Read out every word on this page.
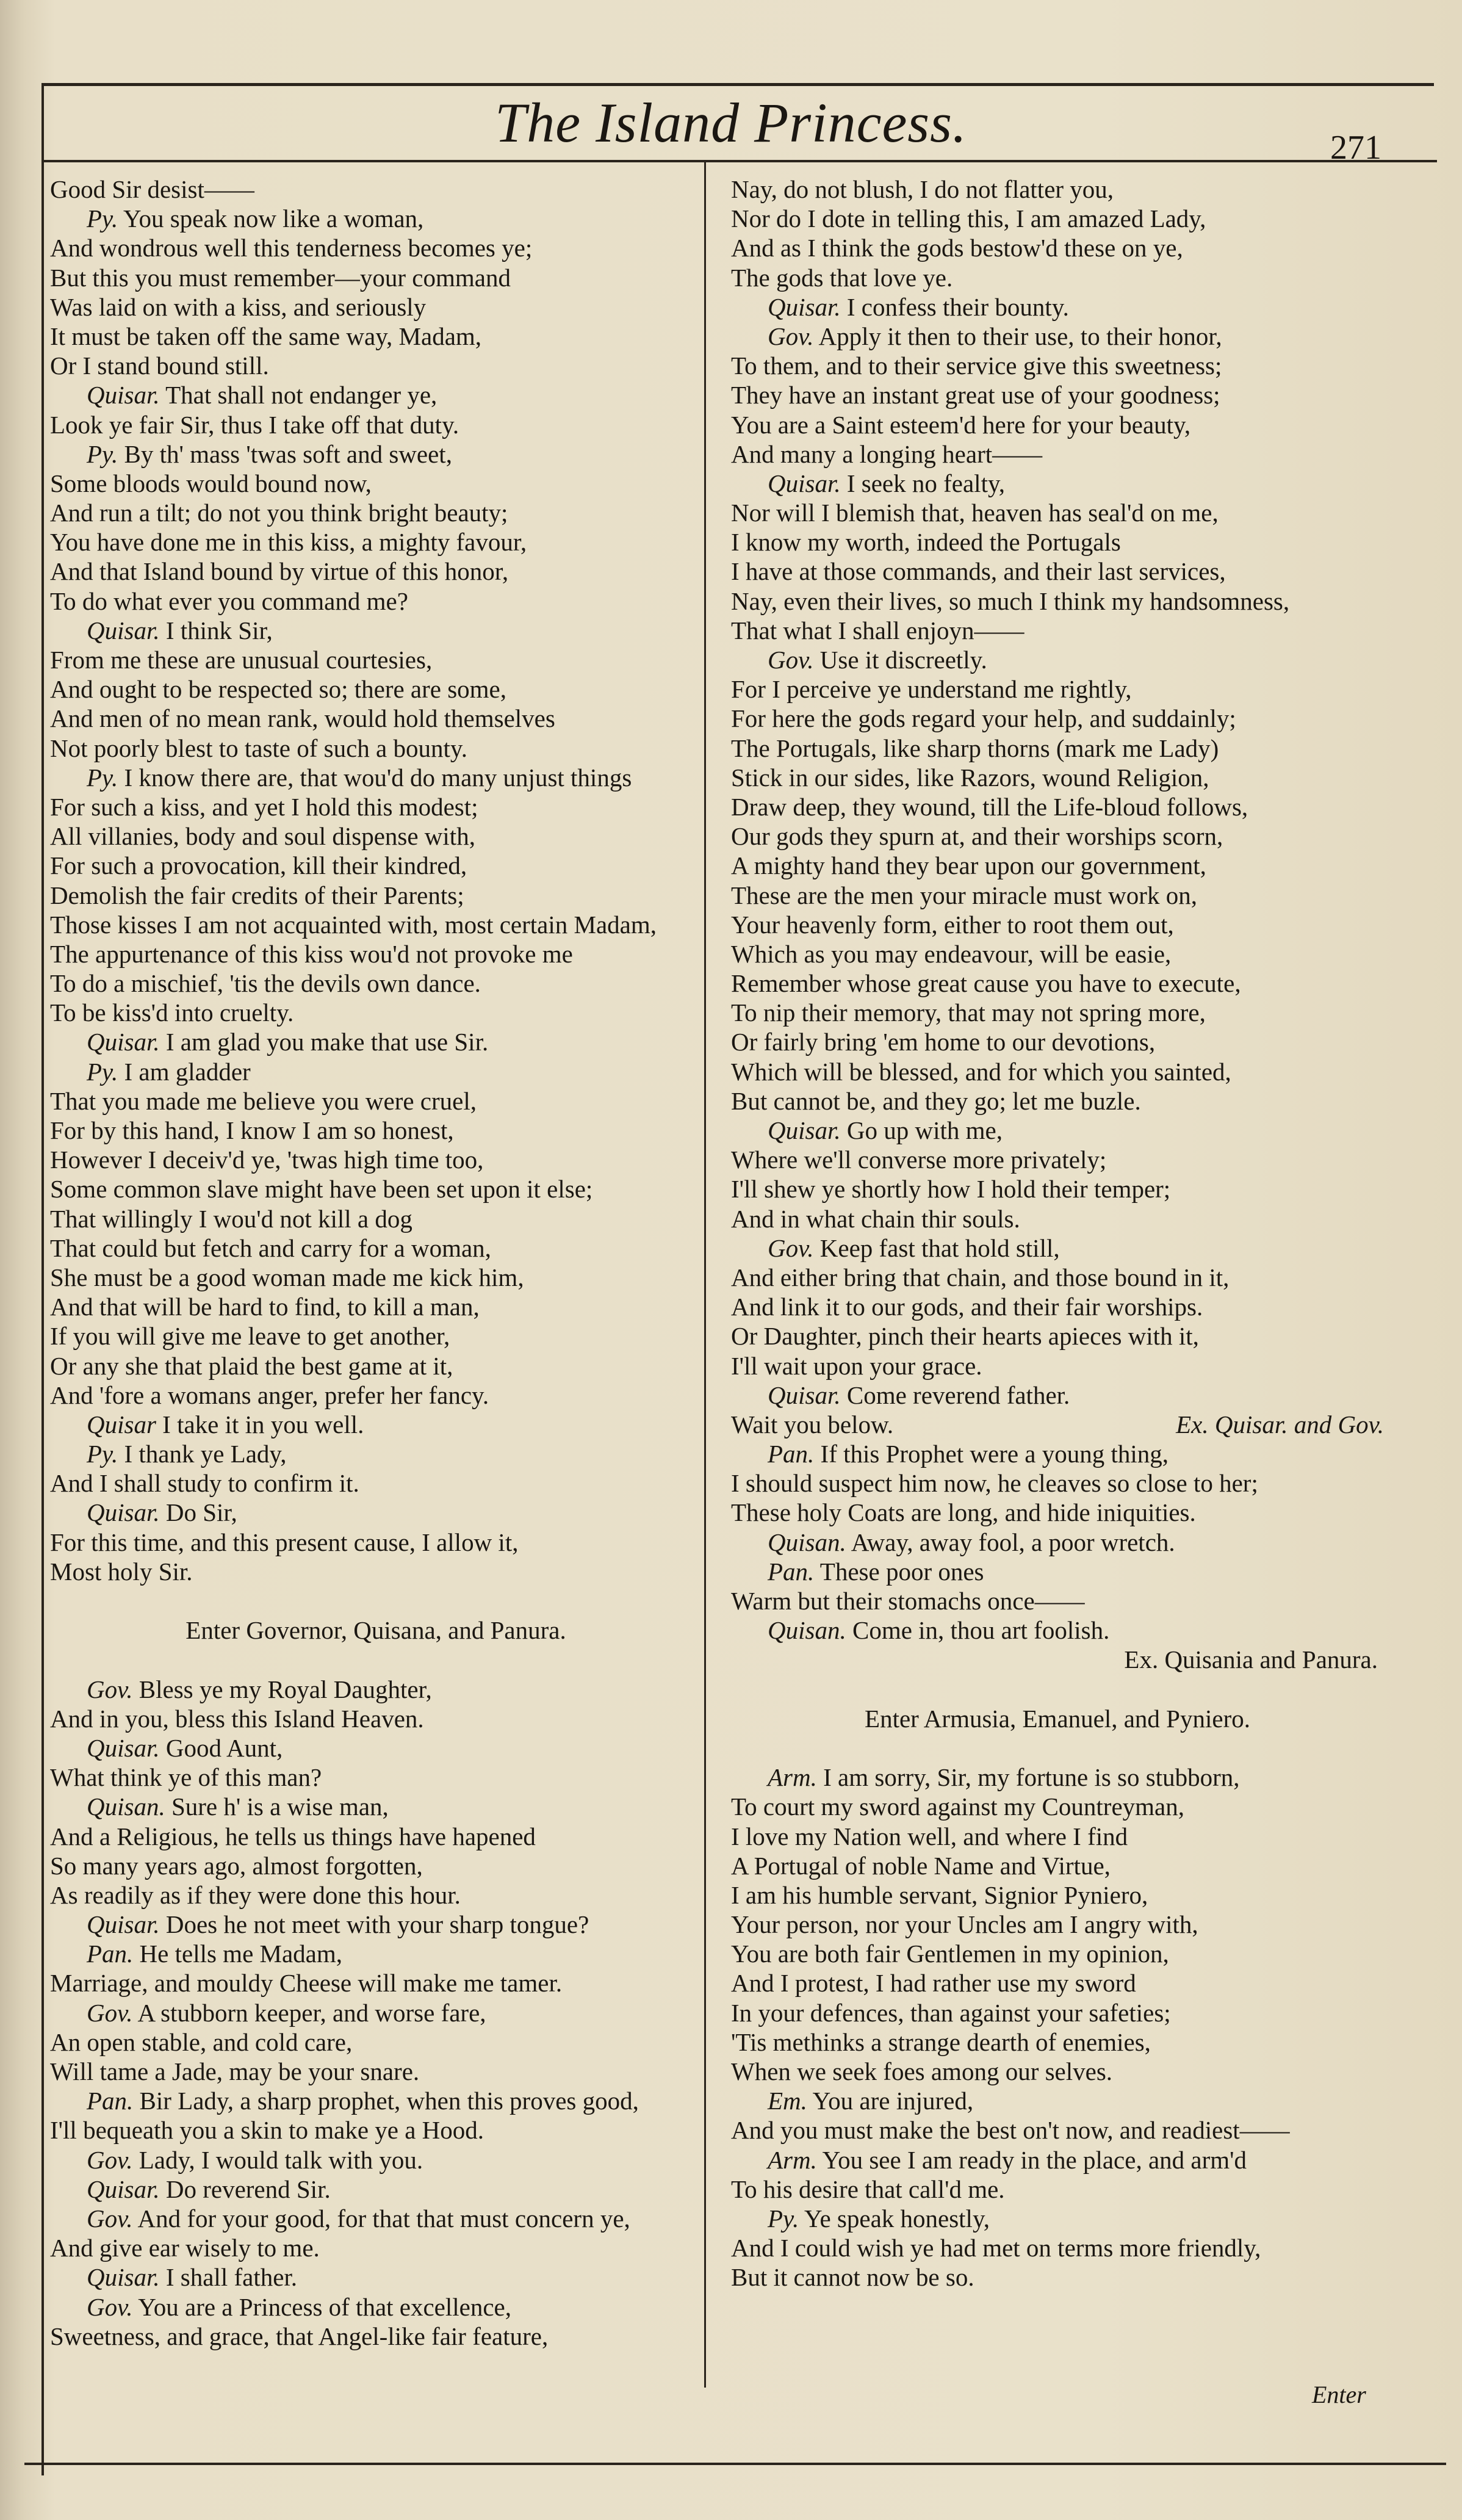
The Island Princess.	271
Good Sir desist——
Py. You speak now like a woman,
And wondrous well this tenderness becomes ye;
But this you must remember—your command
Was laid on with a kiss, and seriously
It must be taken off the same way, Madam,
Or I stand bound still.
Quisar. That shall not endanger ye,
Look ye fair Sir, thus I take off that duty.
Py. By th' mass 'twas soft and sweet,
Some bloods would bound now,
And run a tilt; do not you think bright beauty;
You have done me in this kiss, a mighty favour,
And that Island bound by virtue of this honor,
To do what ever you command me?
Quisar. I think Sir,
From me these are unusual courtesies,
And ought to be respected so; there are some,
And men of no mean rank, would hold themselves
Not poorly blest to taste of such a bounty.
Py. I know there are, that wou'd do many unjust things
For such a kiss, and yet I hold this modest;
All villanies, body and soul dispense with,
For such a provocation, kill their kindred,
Demolish the fair credits of their Parents;
Those kisses I am not acquainted with, most certain Madam,
The appurtenance of this kiss wou'd not provoke me
To do a mischief, 'tis the devils own dance.
To be kiss'd into cruelty.
Quisar. I am glad you make that use Sir.
Py. I am gladder
That you made me believe you were cruel,
For by this hand, I know I am so honest,
However I deceiv'd ye, 'twas high time too,
Some common slave might have been set upon it else;
That willingly I wou'd not kill a dog
That could but fetch and carry for a woman,
She must be a good woman made me kick him,
And that will be hard to find, to kill a man,
If you will give me leave to get another,
Or any she that plaid the best game at it,
And 'fore a womans anger, prefer her fancy.
Quisar I take it in you well.
Py. I thank ye Lady,
And I shall study to confirm it.
Quisar. Do Sir,
For this time, and this present cause, I allow it,
Most holy Sir.
Enter Governor, Quisana, and Panura.
Gov. Bless ye my Royal Daughter,
And in you, bless this Island Heaven.
Quisar. Good Aunt,
What think ye of this man?
Quisan. Sure h' is a wise man,
And a Religious, he tells us things have hapened
So many years ago, almost forgotten,
As readily as if they were done this hour.
Quisar. Does he not meet with your sharp tongue?
Pan. He tells me Madam,
Marriage, and mouldy Cheese will make me tamer.
Gov. A stubborn keeper, and worse fare,
An open stable, and cold care,
Will tame a Jade, may be your snare.
Pan. Bir Lady, a sharp prophet, when this proves good,
I'll bequeath you a skin to make ye a Hood.
Gov. Lady, I would talk with you.
Quisar. Do reverend Sir.
Gov. And for your good, for that that must concern ye,
And give ear wisely to me.
Quisar. I shall father.
Gov. You are a Princess of that excellence,
Sweetness, and grace, that Angel-like fair feature,
Nay, do not blush, I do not flatter you,
Nor do I dote in telling this, I am amazed Lady,
And as I think the gods bestow'd these on ye,
The gods that love ye.
Quisar. I confess their bounty.
Gov. Apply it then to their use, to their honor,
To them, and to their service give this sweetness;
They have an instant great use of your goodness;
You are a Saint esteem'd here for your beauty,
And many a longing heart——
Quisar. I seek no fealty,
Nor will I blemish that, heaven has seal'd on me,
I know my worth, indeed the Portugals
I have at those commands, and their last services,
Nay, even their lives, so much I think my handsomness,
That what I shall enjoyn——
Gov. Use it discreetly.
For I perceive ye understand me rightly,
For here the gods regard your help, and suddainly;
The Portugals, like sharp thorns (mark me Lady)
Stick in our sides, like Razors, wound Religion,
Draw deep, they wound, till the Life-bloud follows,
Our gods they spurn at, and their worships scorn,
A mighty hand they bear upon our government,
These are the men your miracle must work on,
Your heavenly form, either to root them out,
Which as you may endeavour, will be easie,
Remember whose great cause you have to execute,
To nip their memory, that may not spring more,
Or fairly bring 'em home to our devotions,
Which will be blessed, and for which you sainted,
But cannot be, and they go; let me buzle.
Quisar. Go up with me,
Where we'll converse more privately;
I'll shew ye shortly how I hold their temper;
And in what chain thir souls.
Gov. Keep fast that hold still,
And either bring that chain, and those bound in it,
And link it to our gods, and their fair worships.
Or Daughter, pinch their hearts apieces with it,
I'll wait upon your grace.
Quisar. Come reverend father.
Wait you below.	Ex. Quisar. and Gov.
Pan. If this Prophet were a young thing,
I should suspect him now, he cleaves so close to her;
These holy Coats are long, and hide iniquities.
Quisan. Away, away fool, a poor wretch.
Pan. These poor ones
Warm but their stomachs once——
Quisan. Come in, thou art foolish.
Ex. Quisania and Panura.
Enter Armusia, Emanuel, and Pyniero.
Arm. I am sorry, Sir, my fortune is so stubborn,
To court my sword against my Countreyman,
I love my Nation well, and where I find
A Portugal of noble Name and Virtue,
I am his humble servant, Signior Pyniero,
Your person, nor your Uncles am I angry with,
You are both fair Gentlemen in my opinion,
And I protest, I had rather use my sword
In your defences, than against your safeties;
'Tis methinks a strange dearth of enemies,
When we seek foes among our selves.
Em. You are injured,
And you must make the best on't now, and readiest——
Arm. You see I am ready in the place, and arm'd
To his desire that call'd me.
Py. Ye speak honestly,
And I could wish ye had met on terms more friendly,
But it cannot now be so.
Enter
